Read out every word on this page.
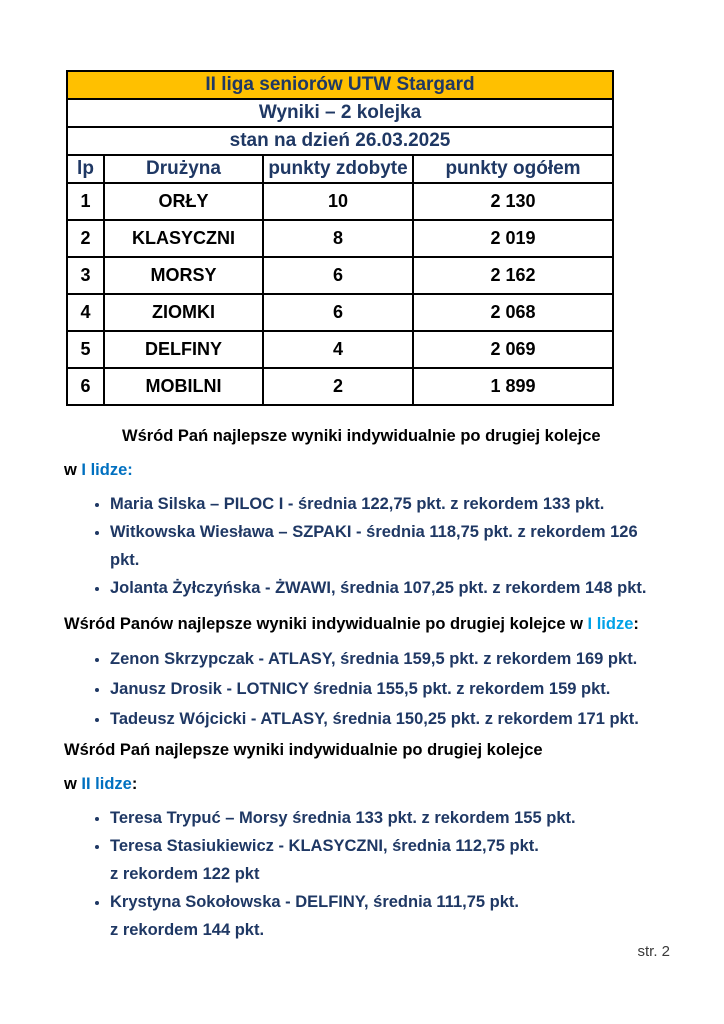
II liga seniorów UTW Stargard			
Wyniki – 2 kolejka			
stan na dzień 26.03.2025			
lp	Drużyna	punkty zdobyte	punkty ogółem
1	ORŁY	10	2 130
2	KLASYCZNI	8	2 019
3	MORSY	6	2 162
4	ZIOMKI	6	2 068
5	DELFINY	4	2 069
6	MOBILNI	2	1 899
Wśród Pań najlepsze wyniki indywidualnie po drugiej kolejce
w I lidze:
• Maria Silska – PILOC I - średnia 122,75 pkt. z rekordem 133 pkt.
• Witkowska Wiesława – SZPAKI - średnia 118,75 pkt. z rekordem 126
pkt.
• Jolanta Żyłczyńska - ŻWAWI, średnia 107,25 pkt. z rekordem 148 pkt.
Wśród Panów najlepsze wyniki indywidualnie po drugiej kolejce w I lidze:
• Zenon Skrzypczak - ATLASY, średnia 159,5 pkt. z rekordem 169 pkt.
• Janusz Drosik - LOTNICY średnia 155,5 pkt. z rekordem 159 pkt.
• Tadeusz Wójcicki - ATLASY, średnia 150,25 pkt. z rekordem 171 pkt.
Wśród Pań najlepsze wyniki indywidualnie po drugiej kolejce
w II lidze:
• Teresa Trypuć – Morsy średnia 133 pkt. z rekordem 155 pkt.
• Teresa Stasiukiewicz - KLASYCZNI, średnia 112,75 pkt.
z rekordem 122 pkt
• Krystyna Sokołowska - DELFINY, średnia 111,75 pkt.
z rekordem 144 pkt.
str. 2
